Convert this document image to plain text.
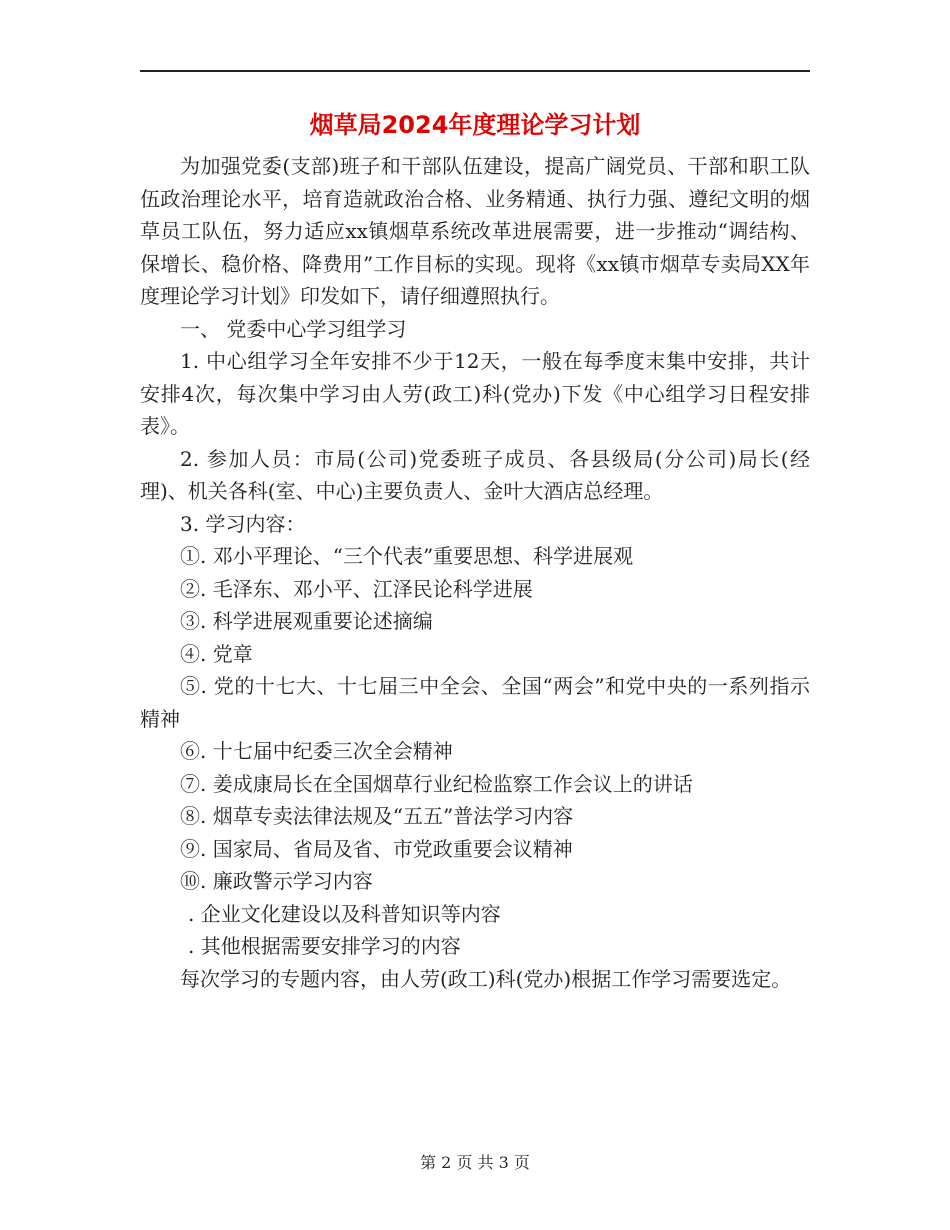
烟草局2024年度理论学习计划

为加强党委(支部)班子和干部队伍建设，提高广阔党员、干部和职工队伍政治理论水平，培育造就政治合格、业务精通、执行力强、遵纪文明的烟草员工队伍，努力适应xx镇烟草系统改革进展需要，进一步推动“调结构、保增长、稳价格、降费用”工作目标的实现。现将《xx镇市烟草专卖局XX年度理论学习计划》印发如下，请仔细遵照执行。

一、 党委中心学习组学习

1. 中心组学习全年安排不少于12天，一般在每季度末集中安排，共计安排4次，每次集中学习由人劳(政工)科(党办)下发《中心组学习日程安排表》。

2. 参加人员：市局(公司)党委班子成员、各县级局(分公司)局长(经理)、机关各科(室、中心)主要负责人、金叶大酒店总经理。

3. 学习内容：

①. 邓小平理论、“三个代表”重要思想、科学进展观

②. 毛泽东、邓小平、江泽民论科学进展

③. 科学进展观重要论述摘编

④. 党章

⑤. 党的十七大、十七届三中全会、全国“两会”和党中央的一系列指示精神

⑥. 十七届中纪委三次全会精神

⑦. 姜成康局长在全国烟草行业纪检监察工作会议上的讲话

⑧. 烟草专卖法律法规及“五五”普法学习内容

⑨. 国家局、省局及省、市党政重要会议精神

⑩. 廉政警示学习内容

. 企业文化建设以及科普知识等内容

. 其他根据需要安排学习的内容

每次学习的专题内容，由人劳(政工)科(党办)根据工作学习需要选定。

第 2 页 共 3 页
